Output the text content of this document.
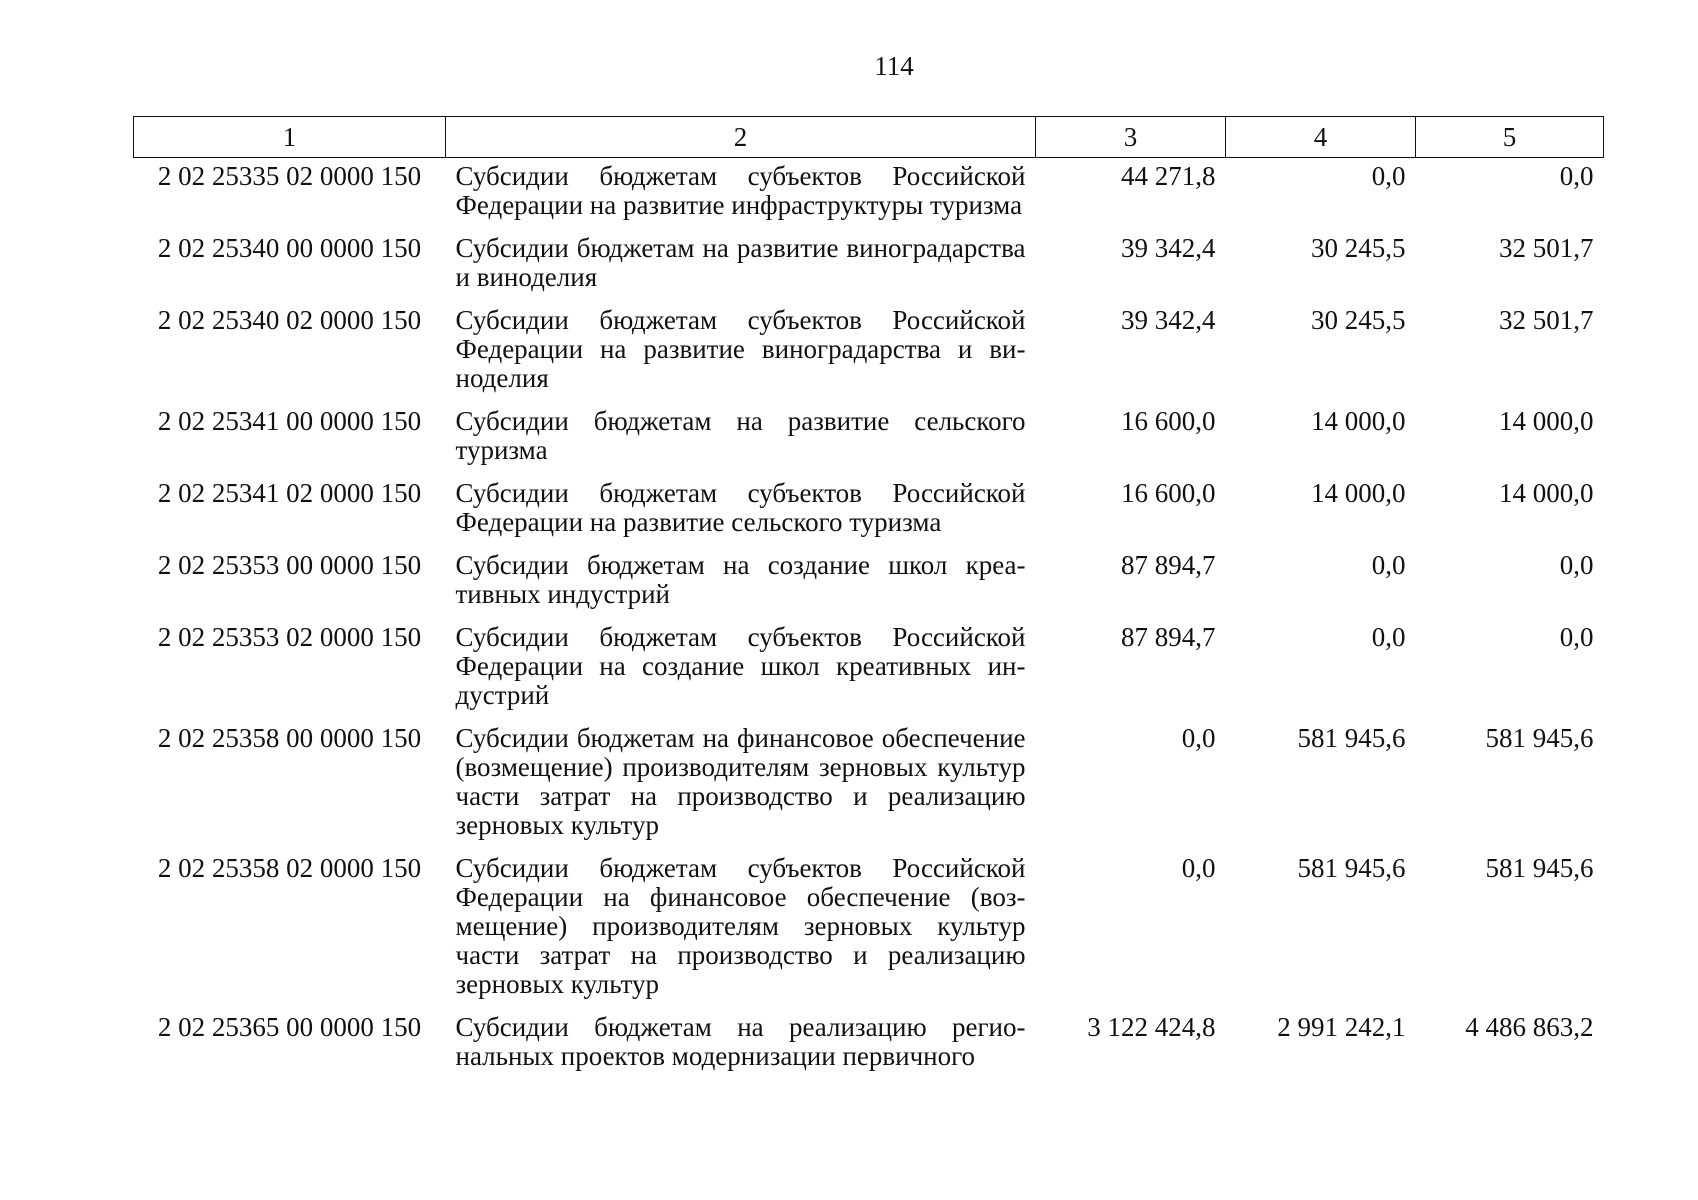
114
1	2	3	4	5
2 02 25335 02 0000 150	Субсидии бюджетам субъектов Российской Федерации на развитие инфраструктуры туризма	44 271,8	0,0	0,0
2 02 25340 00 0000 150	Субсидии бюджетам на развитие виноградарства и виноделия	39 342,4	30 245,5	32 501,7
2 02 25340 02 0000 150	Субсидии бюджетам субъектов Российской Федерации на развитие виноградарства и виноделия	39 342,4	30 245,5	32 501,7
2 02 25341 00 0000 150	Субсидии бюджетам на развитие сельского туризма	16 600,0	14 000,0	14 000,0
2 02 25341 02 0000 150	Субсидии бюджетам субъектов Российской Федерации на развитие сельского туризма	16 600,0	14 000,0	14 000,0
2 02 25353 00 0000 150	Субсидии бюджетам на создание школ креативных индустрий	87 894,7	0,0	0,0
2 02 25353 02 0000 150	Субсидии бюджетам субъектов Российской Федерации на создание школ креативных индустрий	87 894,7	0,0	0,0
2 02 25358 00 0000 150	Субсидии бюджетам на финансовое обеспечение (возмещение) производителям зерновых культур части затрат на производство и реализацию зерновых культур	0,0	581 945,6	581 945,6
2 02 25358 02 0000 150	Субсидии бюджетам субъектов Российской Федерации на финансовое обеспечение (возмещение) производителям зерновых культур части затрат на производство и реализацию зерновых культур	0,0	581 945,6	581 945,6
2 02 25365 00 0000 150	Субсидии бюджетам на реализацию региональных проектов модернизации первичного	3 122 424,8	2 991 242,1	4 486 863,2
